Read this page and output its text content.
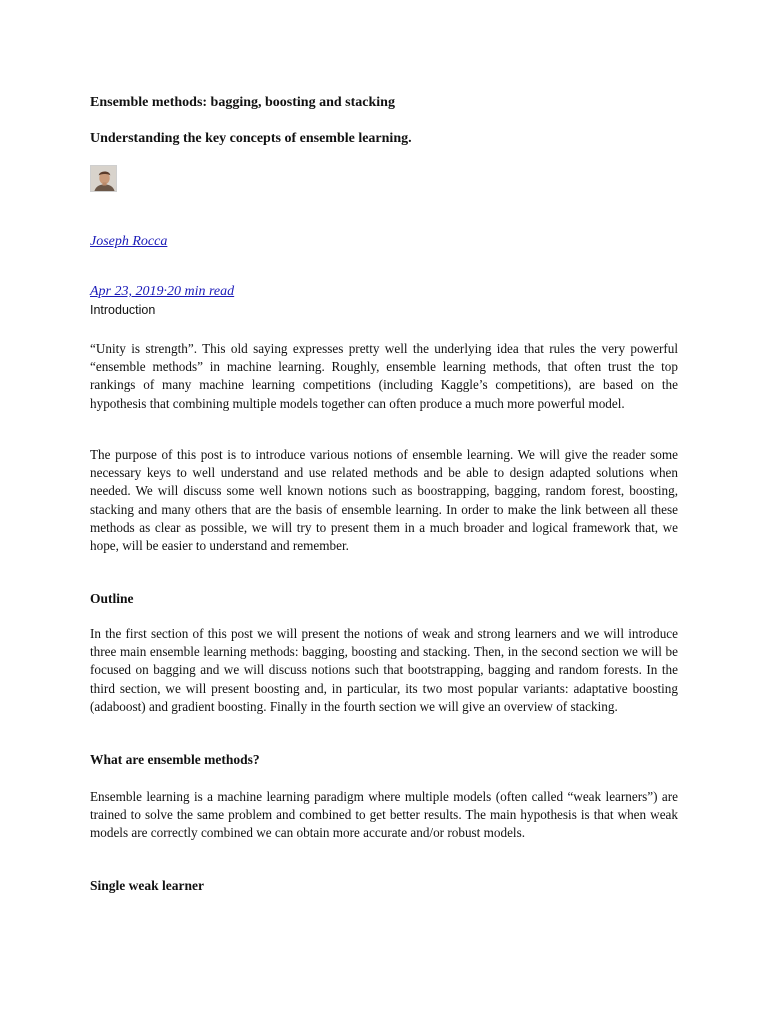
Ensemble methods: bagging, boosting and stacking
Understanding the key concepts of ensemble learning.
Joseph Rocca
Apr 23, 2019·20 min read
Introduction

“Unity is strength”. This old saying expresses pretty well the underlying idea that rules the very powerful “ensemble methods” in machine learning. Roughly, ensemble learning methods, that often trust the top rankings of many machine learning competitions (including Kaggle’s competitions), are based on the hypothesis that combining multiple models together can often produce a much more powerful model.

The purpose of this post is to introduce various notions of ensemble learning. We will give the reader some necessary keys to well understand and use related methods and be able to design adapted solutions when needed. We will discuss some well known notions such as boostrapping, bagging, random forest, boosting, stacking and many others that are the basis of ensemble learning. In order to make the link between all these methods as clear as possible, we will try to present them in a much broader and logical framework that, we hope, will be easier to understand and remember.

Outline

In the first section of this post we will present the notions of weak and strong learners and we will introduce three main ensemble learning methods: bagging, boosting and stacking. Then, in the second section we will be focused on bagging and we will discuss notions such that bootstrapping, bagging and random forests. In the third section, we will present boosting and, in particular, its two most popular variants: adaptative boosting (adaboost) and gradient boosting. Finally in the fourth section we will give an overview of stacking.

What are ensemble methods?

Ensemble learning is a machine learning paradigm where multiple models (often called “weak learners”) are trained to solve the same problem and combined to get better results. The main hypothesis is that when weak models are correctly combined we can obtain more accurate and/or robust models.

Single weak learner
